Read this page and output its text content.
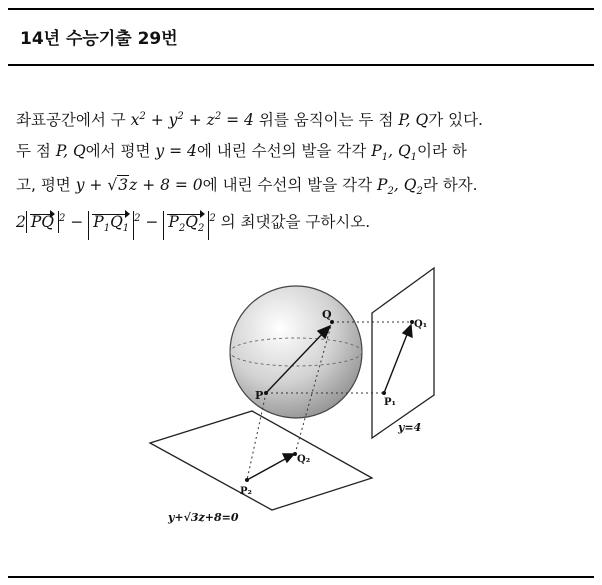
14년 수능기출 29번
좌표공간에서 구 $x^2 + y^2 + z^2 = 4$ 위를 움직이는 두 점 P, Q가 있다.
두 점 P, Q에서 평면 y = 4에 내린 수선의 발을 각각 $P_1$, $Q_1$이라 하
고, 평면 y + √3z + 8 = 0에 내린 수선의 발을 각각 $P_2$, $Q_2$라 하자.
2 PQ $^2 - P_1Q_1^2 - P_2Q_2^2$ 의 최댓값을 구하시오.
Q
P
Q₁
P₁
Q₂
P₂
y=4
y+√3z+8=0
